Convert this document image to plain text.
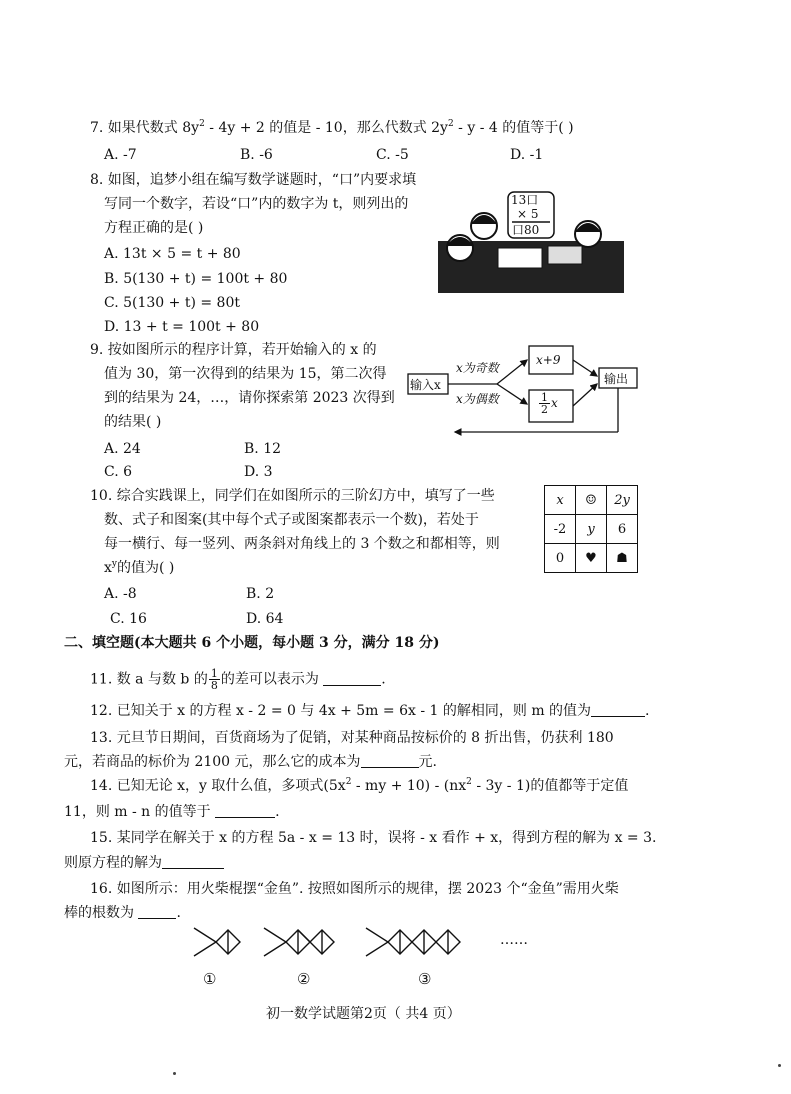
7. 如果代数式 $8y^2 - 4y + 2$ 的值是 - 10，那么代数式 $2y^2$ - y - 4 的值等于( )
A. -7	B. -6	C. -5	D. -1
8. 如图，追梦小组在编写数学谜题时，“口”内要求填
写同一个数字，若设“口”内的数字为 t，则列出的
方程正确的是( )
A. 13t × 5 = t + 80
B. 5(130 + t) = 100t + 80
C. 5(130 + t) = 80t
D. 13 + t = 100t + 80
13口
× 5
口80
9. 按如图所示的程序计算，若开始输入的 x 的
值为 30，第一次得到的结果为 15，第二次得
到的结果为 24，…，请你探索第 2023 次得到
的结果( )
A. 24	B. 12
C. 6	D. 3
输入x
x为奇数
x为偶数
x+9
$\frac{1}{2}$ x
输出
10. 综合实践课上，同学们在如图所示的三阶幻方中，填写了一些
数、式子和图案(其中每个式子或图案都表示一个数)，若处于
每一横行、每一竖列、两条斜对角线上的 3 个数之和都相等，则
$x^y$的值为( )
A. -8	B. 2
C. 16	D. 64
x	☺	2y
-2	y	6
0	♥	☗
二、填空题(本大题共 6 个小题，每小题 3 分，满分 18 分)
11. 数 a 与数 b 的 $\frac{1}{8}$ 的差可以表示为	.
12. 已知关于 x 的方程 x - 2 = 0 与 4x + 5m = 6x - 1 的解相同，则 m 的值为	.
13. 元旦节日期间，百货商场为了促销，对某种商品按标价的 8 折出售，仍获利 180
元，若商品的标价为 2100 元，那么它的成本为	元.
14. 已知无论 x，y 取什么值，多项式($5x^2$ - my + $10) - (nx^2 - 3y - 1)$的值都等于定值
11，则 m - n 的值等于	.
15. 某同学在解关于 x 的方程 5a - x = 13 时，误将 - x 看作 + x，得到方程的解为 x = 3.
则原方程的解为
16. 如图所示：用火柴棍摆“金鱼”. 按照如图所示的规律，摆 2023 个“金鱼”需用火柴
棒的根数为	.
……
①	②	③
初一数学试题第2页（ 共4 页）
